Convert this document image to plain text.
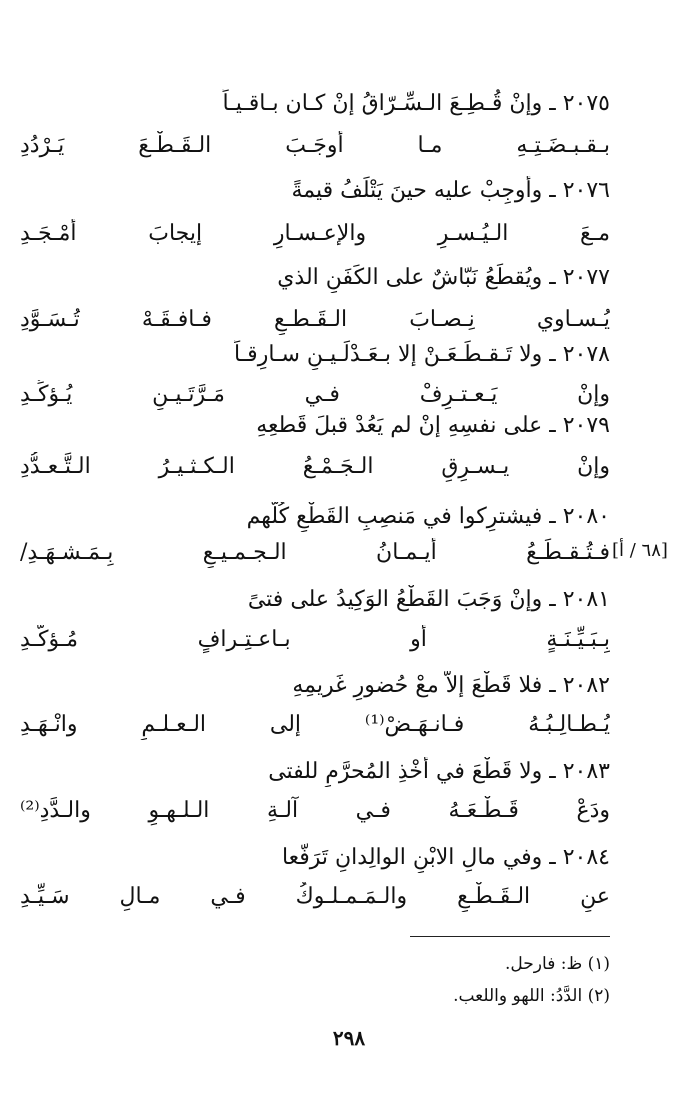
٢٠٧٥ ـ وإنْ قُـطِـعَ الـسِّـرّاقُ إنْ كـان بـاقـيـاً
بـقـبـضَـتِـهِ مـا أوجَـبَ الـقَـطْـعَ يَـرْدُدِ
٢٠٧٦ ـ وأوجِبْ عليه حينَ يَتْلَفُ قيمةً
مـعَ الـيُـسـرِ والإعـسـارِ إيجابَ أمْـجَـدِ
٢٠٧٧ ـ ويُقطَعُ نَبّاشٌ على الكَفَنِ الذي
يُـسـاوي نِـصـابَ الـقَـطـعِ فـافـقَـهْ تُـسَـوَّدِ
٢٠٧٨ ـ ولا تَـقـطَـعَـنْ إلا بـعَـدْلَـيـنِ سـارِقـاً
وإنْ يَـعـتـرِفْ فـي مَـرَّتَـيـنِ يُـؤكِّـدِ
٢٠٧٩ ـ على نفسِهِ إنْ لم يَعُدْ قبلَ قَطعِهِ
وإنْ يـسـرِقِ الـجَـمْـعُ الـكـثـيـرُ الـتَّـعـدُّدِ
٢٠٨٠ ـ فيشترِكوا في مَنصِبِ القَطْعِ كُلُّهم
فـتُـقـطَـعُ أيـمـانُ الـجـمـيـعِ بِـمَـشـهَـدِ/ [٦٨ / أ]
٢٠٨١ ـ وإنْ وَجَبَ القَطْعُ الوَكِيدُ على فتىً
بِـبَـيِّـنَـةٍ أو بـاعـتِـرافٍ مُـؤكَّـدِ
٢٠٨٢ ـ فلا قَطْعَ إلاّ معْ حُضورِ غَريمِهِ
يُـطـالِـبُـهُ فـانـهَـضْ⁽¹⁾ إلى الـعـلـمِ وانْـهَـدِ
٢٠٨٣ ـ ولا قَطْعَ في أخْذِ المُحرَّمِ للفتى
ودَعْ قَـطْـعَـهُ فـي آلـةِ الـلـهـوِ والـدَّدِ⁽²⁾
٢٠٨٤ ـ وفي مالِ الابْنِ الوالِدانِ تَرَفَّعا
عنِ الـقَـطْـعِ والـمَـمـلـوكُ فـي مـالِ سَـيِّـدِ
(١) ظ: فارحل.
(٢) الدَّدُ: اللهو واللعب.
٢٩٨
